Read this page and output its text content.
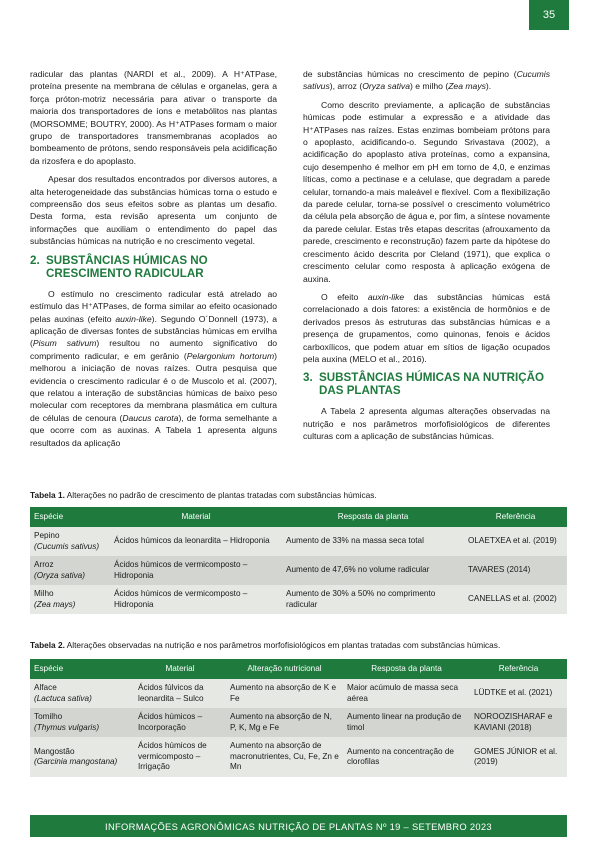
35

radicular das plantas (NARDI et al., 2009). A H⁺ATPase, proteína presente na membrana de células e organelas, gera a força próton-motriz necessária para ativar o transporte da maioria dos transportadores de íons e metabólitos nas plantas (MORSOMME; BOUTRY, 2000). As H⁺ATPases formam o maior grupo de transportadores transmembranas acoplados ao bombeamento de prótons, sendo responsáveis pela acidificação da rizosfera e do apoplasto.

Apesar dos resultados encontrados por diversos autores, a alta heterogeneidade das substâncias húmicas torna o estudo e compreensão dos seus efeitos sobre as plantas um desafio. Desta forma, esta revisão apresenta um conjunto de informações que auxiliam o entendimento do papel das substâncias húmicas na nutrição e no crescimento vegetal.

2. SUBSTÂNCIAS HÚMICAS NO CRESCIMENTO RADICULAR

O estímulo no crescimento radicular está atrelado ao estímulo das H⁺ATPases, de forma similar ao efeito ocasionado pelas auxinas (efeito auxin-like). Segundo O´Donnell (1973), a aplicação de diversas fontes de substâncias húmicas em ervilha (Pisum sativum) resultou no aumento significativo do comprimento radicular, e em gerânio (Pelargonium hortorum) melhorou a iniciação de novas raízes. Outra pesquisa que evidencia o crescimento radicular é o de Muscolo et al. (2007), que relatou a interação de substâncias húmicas de baixo peso molecular com receptores da membrana plasmática em cultura de células de cenoura (Daucus carota), de forma semelhante a que ocorre com as auxinas. A Tabela 1 apresenta alguns resultados da aplicação

de substâncias húmicas no crescimento de pepino (Cucumis sativus), arroz (Oryza sativa) e milho (Zea mays).

Como descrito previamente, a aplicação de substâncias húmicas pode estimular a expressão e a atividade das H⁺ATPases nas raízes. Estas enzimas bombeiam prótons para o apoplasto, acidificando-o. Segundo Srivastava (2002), a acidificação do apoplasto ativa proteínas, como a expansina, cujo desempenho é melhor em pH em torno de 4,0, e enzimas líticas, como a pectinase e a celulase, que degradam a parede celular, tornando-a mais maleável e flexível. Com a flexibilização da parede celular, torna-se possível o crescimento volumétrico da célula pela absorção de água e, por fim, a síntese novamente da parede celular. Estas três etapas descritas (afrouxamento da parede, crescimento e reconstrução) fazem parte da hipótese do crescimento ácido descrita por Cleland (1971), que explica o crescimento celular como resposta à aplicação exógena de auxina.

O efeito auxin-like das substâncias húmicas está correlacionado a dois fatores: a existência de hormônios e de derivados presos às estruturas das substâncias húmicas e a presença de grupamentos, como quinonas, fenois e ácidos carboxílicos, que podem atuar em sítios de ligação ocupados pela auxina (MELO et al., 2016).

3. SUBSTÂNCIAS HÚMICAS NA NUTRIÇÃO DAS PLANTAS

A Tabela 2 apresenta algumas alterações observadas na nutrição e nos parâmetros morfofisiológicos de diferentes culturas com a aplicação de substâncias húmicas.

Tabela 1. Alterações no padrão de crescimento de plantas tratadas com substâncias húmicas.
Espécie	Material	Resposta da planta	Referência
Pepino
(Cucumis sativus)	Ácidos húmicos da leonardita – Hidroponia	Aumento de 33% na massa seca total	OLAETXEA et al. (2019)
Arroz
(Oryza sativa)	Ácidos húmicos de vermicomposto – Hidroponia	Aumento de 47,6% no volume radicular	TAVARES (2014)
Milho
(Zea mays)	Ácidos húmicos de vermicomposto – Hidroponia	Aumento de 30% a 50% no comprimento radicular	CANELLAS et al. (2002)
Tabela 2. Alterações observadas na nutrição e nos parâmetros morfofisiológicos em plantas tratadas com substâncias húmicas.
Espécie	Material	Alteração nutricional	Resposta da planta	Referência
Alface
(Lactuca sativa)	Ácidos fúlvicos da leonardita – Sulco	Aumento na absorção de K e Fe	Maior acúmulo de massa seca aérea	LÜDTKE et al. (2021)
Tomilho
(Thymus vulgaris)	Ácidos húmicos – Incorporação	Aumento na absorção de N, P, K, Mg e Fe	Aumento linear na produção de timol	NOROOZISHARAF e KAVIANI (2018)
Mangostão
(Garcinia mangostana)	Ácidos húmicos de vermicomposto – Irrigação	Aumento na absorção de macronutrientes, Cu, Fe, Zn e Mn	Aumento na concentração de clorofilas	GOMES JÚNIOR et al. (2019)
INFORMAÇÕES AGRONÔMICAS NUTRIÇÃO DE PLANTAS Nº 19 – SETEMBRO 2023
